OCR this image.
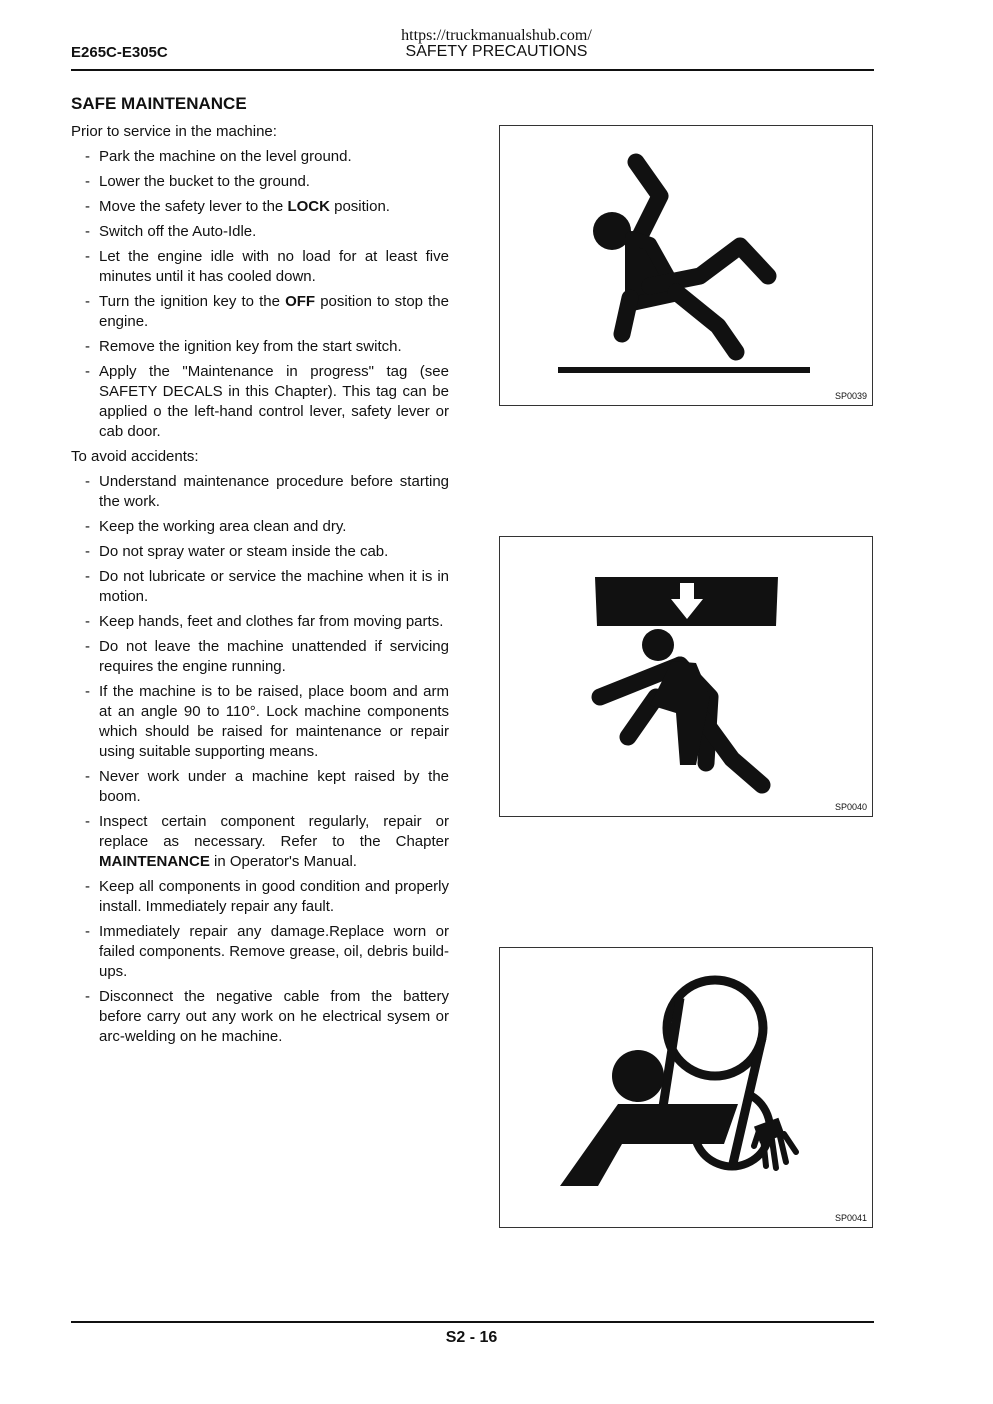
https://truckmanualshub.com/
E265C-E305C	SAFETY PRECAUTIONS
SAFE MAINTENANCE

Prior to service in the machine:

- Park the machine on the level ground.
- Lower the bucket to the ground.
- Move the safety lever to the LOCK position.
- Switch off the Auto-Idle.
- Let the engine idle with no load for at least five minutes until it has cooled down.
- Turn the ignition key to the OFF position to stop the engine.
- Remove the ignition key from the start switch.
- Apply the "Maintenance in progress" tag (see SAFETY DECALS in this Chapter). This tag can be applied o the left-hand control lever, safety lever or cab door.

To avoid accidents:

- Understand maintenance procedure before starting the work.
- Keep the working area clean and dry.
- Do not spray water or steam inside the cab.
- Do not lubricate or service the machine when it is in motion.
- Keep hands, feet and clothes far from moving parts.
- Do not leave the machine unattended if servicing requires the engine running.
- If the machine is to be raised, place boom and arm at an angle 90 to 110°. Lock machine components which should be raised for maintenance or repair using suitable supporting means.
- Never work under a machine kept raised by the boom.
- Inspect certain component regularly, repair or replace as necessary. Refer to the Chapter MAINTENANCE in Operator's Manual.
- Keep all components in good condition and properly install. Immediately repair any fault.
- Immediately repair any damage.Replace worn or failed components. Remove grease, oil, debris build-ups.
- Disconnect the negative cable from the battery before carry out any work on he electrical sysem or arc-welding on he machine.
SP0039
SP0040
SP0041
S2 - 16
